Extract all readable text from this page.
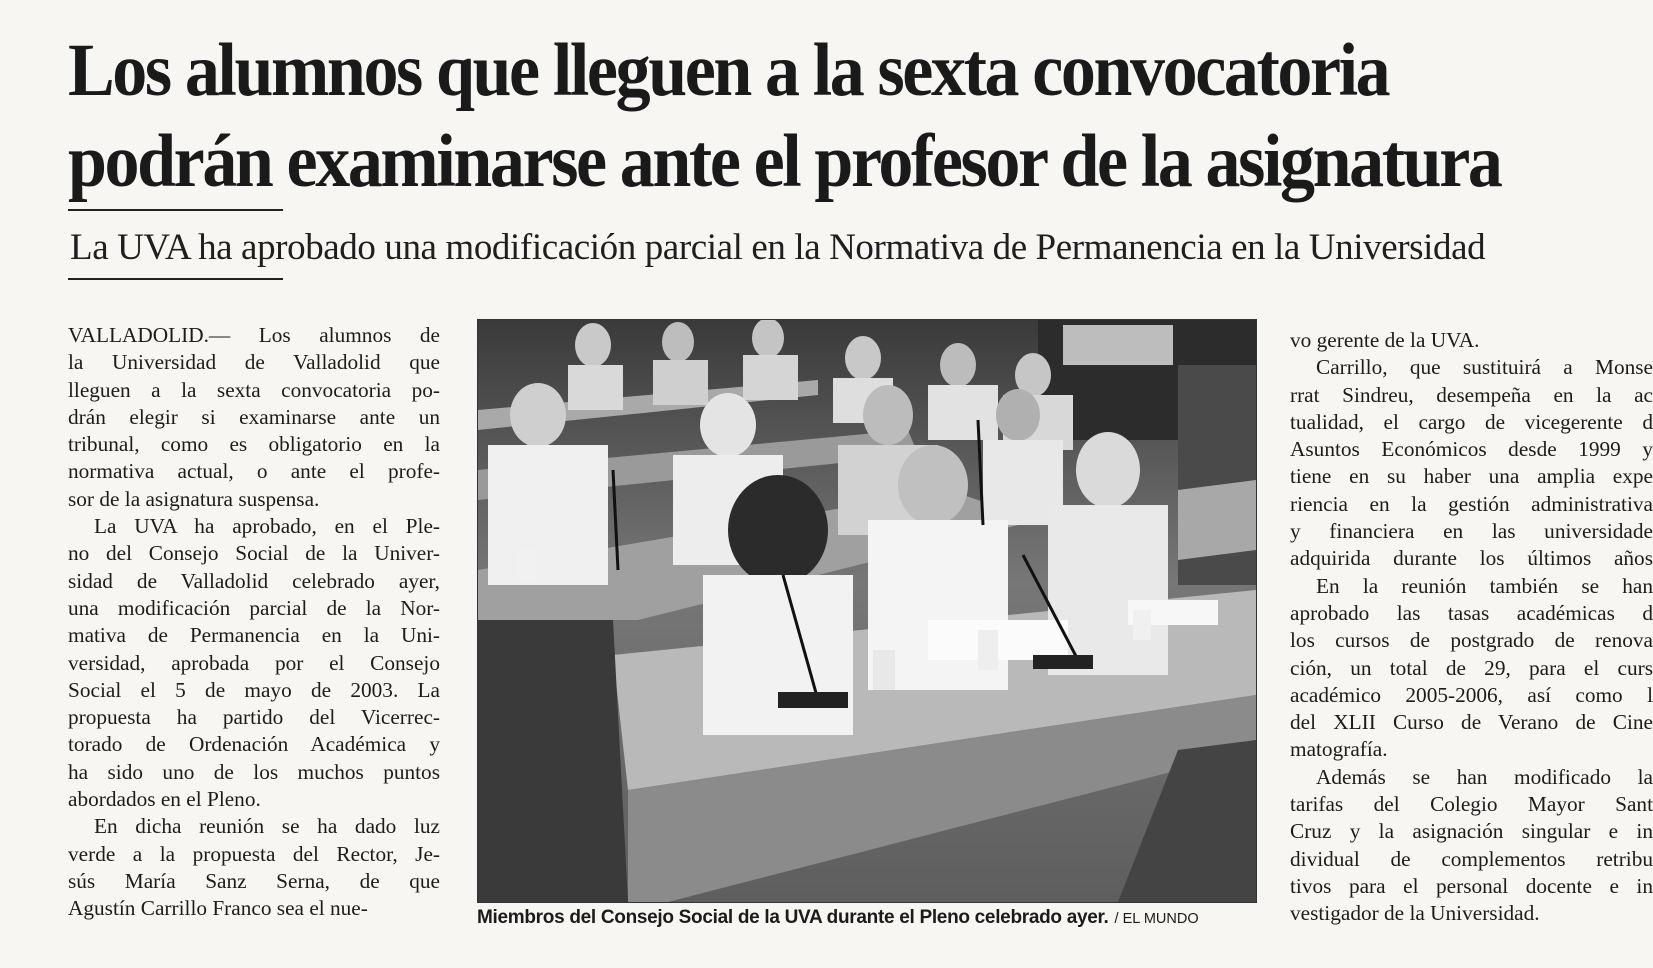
Los alumnos que lleguen a la sexta convocatoria
podrán examinarse ante el profesor de la asignatura
La UVA ha aprobado una modificación parcial en la Normativa de Permanencia en la Universidad
VALLADOLID.— Los alumnos de
la Universidad de Valladolid que
lleguen a la sexta convocatoria po-
drán elegir si examinarse ante un
tribunal, como es obligatorio en la
normativa actual, o ante el profe-
sor de la asignatura suspensa.
La UVA ha aprobado, en el Ple-
no del Consejo Social de la Univer-
sidad de Valladolid celebrado ayer,
una modificación parcial de la Nor-
mativa de Permanencia en la Uni-
versidad, aprobada por el Consejo
Social el 5 de mayo de 2003. La
propuesta ha partido del Vicerrec-
torado de Ordenación Académica y
ha sido uno de los muchos puntos
abordados en el Pleno.
En dicha reunión se ha dado luz
verde a la propuesta del Rector, Je-
sús María Sanz Serna, de que
Agustín Carrillo Franco sea el nue-	Miembros del Consejo Social de la UVA durante el Pleno celebrado ayer. / EL MUNDO
vo gerente de la UVA.
Carrillo, que sustituirá a Monse
rrat Sindreu, desempeña en la ac
tualidad, el cargo de vicegerente d
Asuntos Económicos desde 1999 y
tiene en su haber una amplia expe
riencia en la gestión administrativa
y financiera en las universidade
adquirida durante los últimos años
En la reunión también se han
aprobado las tasas académicas d
los cursos de postgrado de renova
ción, un total de 29, para el curs
académico 2005-2006, así como l
del XLII Curso de Verano de Cine
matografía.
Además se han modificado la
tarifas del Colegio Mayor Sant
Cruz y la asignación singular e in
dividual de complementos retribu
tivos para el personal docente e in
vestigador de la Universidad.
